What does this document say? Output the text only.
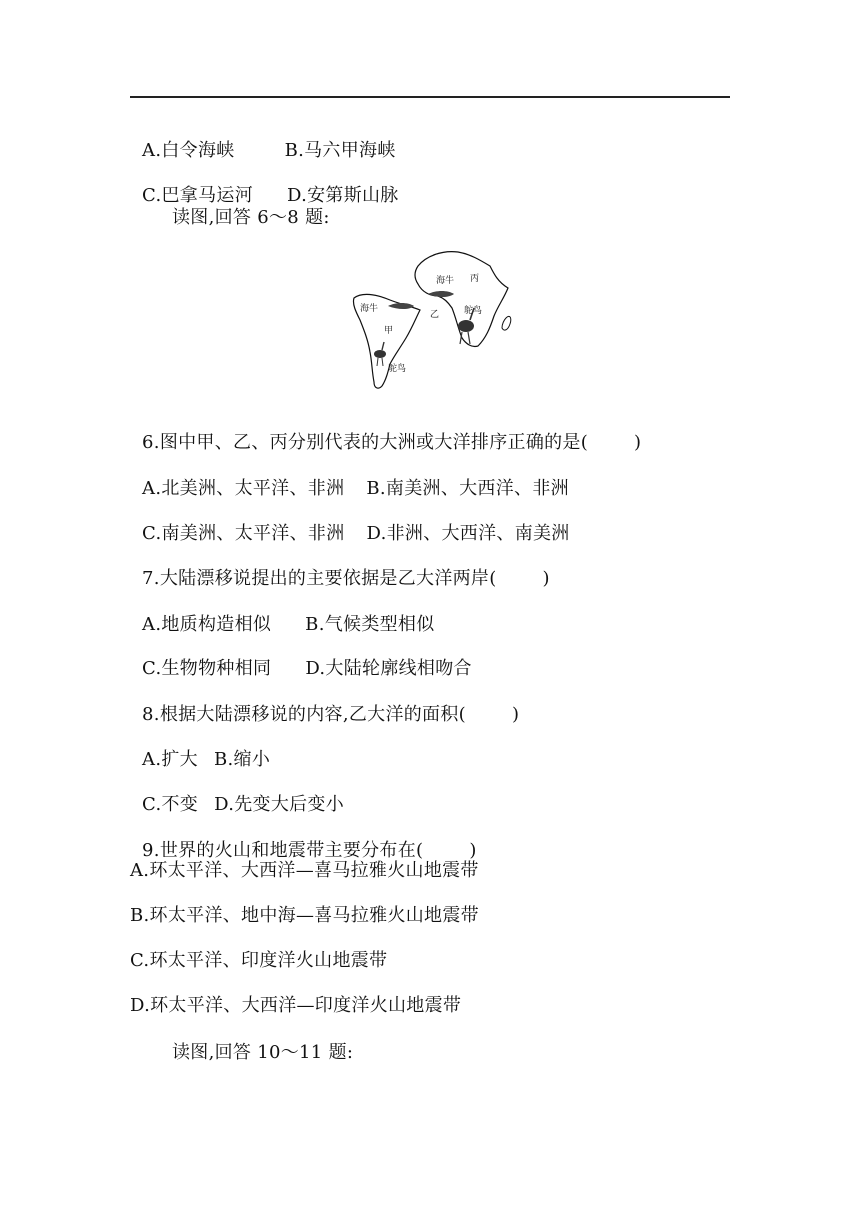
A.白令海峡	B.马六甲海峡

C.巴拿马运河 D.安第斯山脉

读图,回答 6～8 题:
海牛
甲
鸵鸟
海牛 丙
乙	鸵鸟

6.图中甲、乙、丙分别代表的大洲或大洋排序正确的是(	)

A.北美洲、太平洋、非洲 B.南美洲、大西洋、非洲

C.南美洲、太平洋、非洲 D.非洲、大西洋、南美洲

7.大陆漂移说提出的主要依据是乙大洋两岸(	)

A.地质构造相似 B.气候类型相似

C.生物物种相同 D.大陆轮廓线相吻合

8.根据大陆漂移说的内容,乙大洋的面积(	)

A.扩大 B.缩小

C.不变 D.先变大后变小

9.世界的火山和地震带主要分布在(	)

A.环太平洋、大西洋—喜马拉雅火山地震带
B.环太平洋、地中海—喜马拉雅火山地震带
C.环太平洋、印度洋火山地震带
D.环太平洋、大西洋—印度洋火山地震带
读图,回答 10～11 题:
